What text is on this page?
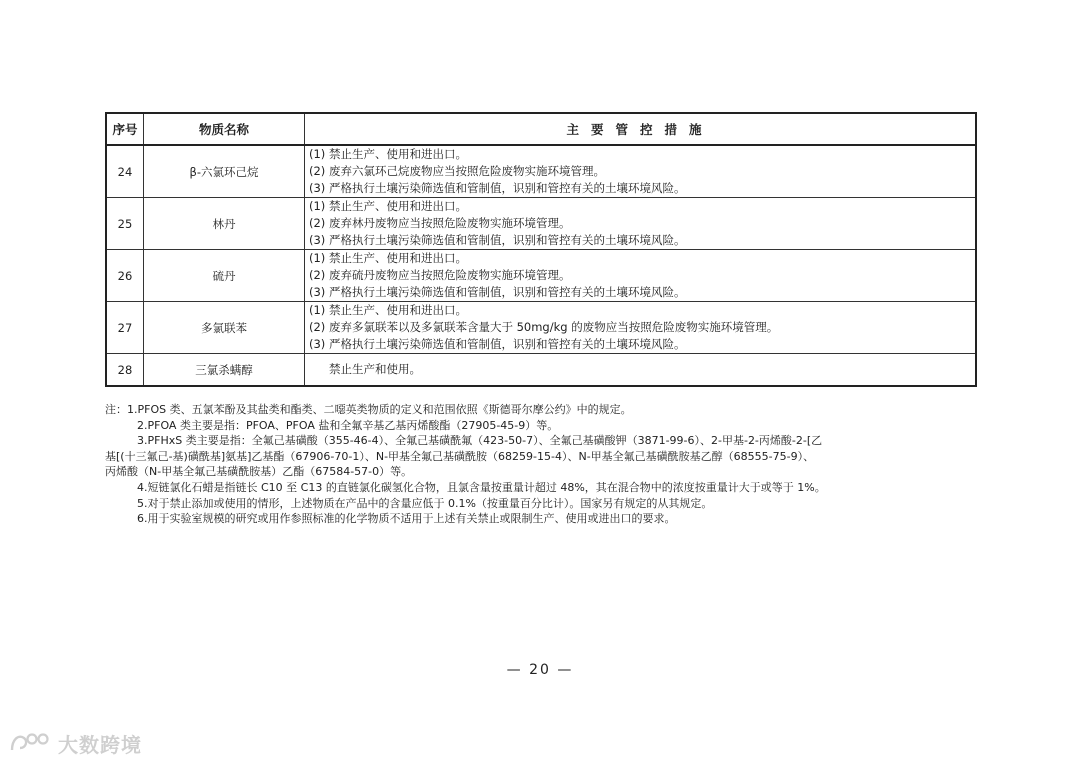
序号	物质名称	主要管控措施
24	β-六氯环己烷	(1) 禁止生产、使用和进出口。
(2) 废弃六氯环己烷废物应当按照危险废物实施环境管理。
(3) 严格执行土壤污染筛选值和管制值，识别和管控有关的土壤环境风险。

25	林丹	(1) 禁止生产、使用和进出口。
(2) 废弃林丹废物应当按照危险废物实施环境管理。
(3) 严格执行土壤污染筛选值和管制值，识别和管控有关的土壤环境风险。

26	硫丹	(1) 禁止生产、使用和进出口。
(2) 废弃硫丹废物应当按照危险废物实施环境管理。
(3) 严格执行土壤污染筛选值和管制值，识别和管控有关的土壤环境风险。

27	多氯联苯	(1) 禁止生产、使用和进出口。
(2) 废弃多氯联苯以及多氯联苯含量大于 50mg/kg 的废物应当按照危险废物实施环境管理。
(3) 严格执行土壤污染筛选值和管制值，识别和管控有关的土壤环境风险。

28	三氯杀螨醇	禁止生产和使用。

注：1.PFOS 类、五氯苯酚及其盐类和酯类、二噁英类物质的定义和范围依照《斯德哥尔摩公约》中的规定。

2.PFOA 类主要是指：PFOA、PFOA 盐和全氟辛基乙基丙烯酸酯（27905-45-9）等。

3.PFHxS 类主要是指：全氟己基磺酸（355-46-4）、全氟己基磺酰氟（423-50-7）、全氟己基磺酸钾（3871-99-6）、2-甲基-2-丙烯酸-2-[乙

基[(十三氟己-基)磺酰基]氨基]乙基酯（67906-70-1）、N-甲基全氟己基磺酰胺（68259-15-4）、N-甲基全氟己基磺酰胺基乙醇（68555-75-9）、

丙烯酸（N-甲基全氟己基磺酰胺基）乙酯（67584-57-0）等。

4.短链氯化石蜡是指链长 C10 至 C13 的直链氯化碳氢化合物，且氯含量按重量计超过 48%，其在混合物中的浓度按重量计大于或等于 1%。

5.对于禁止添加或使用的情形，上述物质在产品中的含量应低于 0.1%（按重量百分比计）。国家另有规定的从其规定。

6.用于实验室规模的研究或用作参照标准的化学物质不适用于上述有关禁止或限制生产、使用或进出口的要求。

— 20 —
大数跨境
